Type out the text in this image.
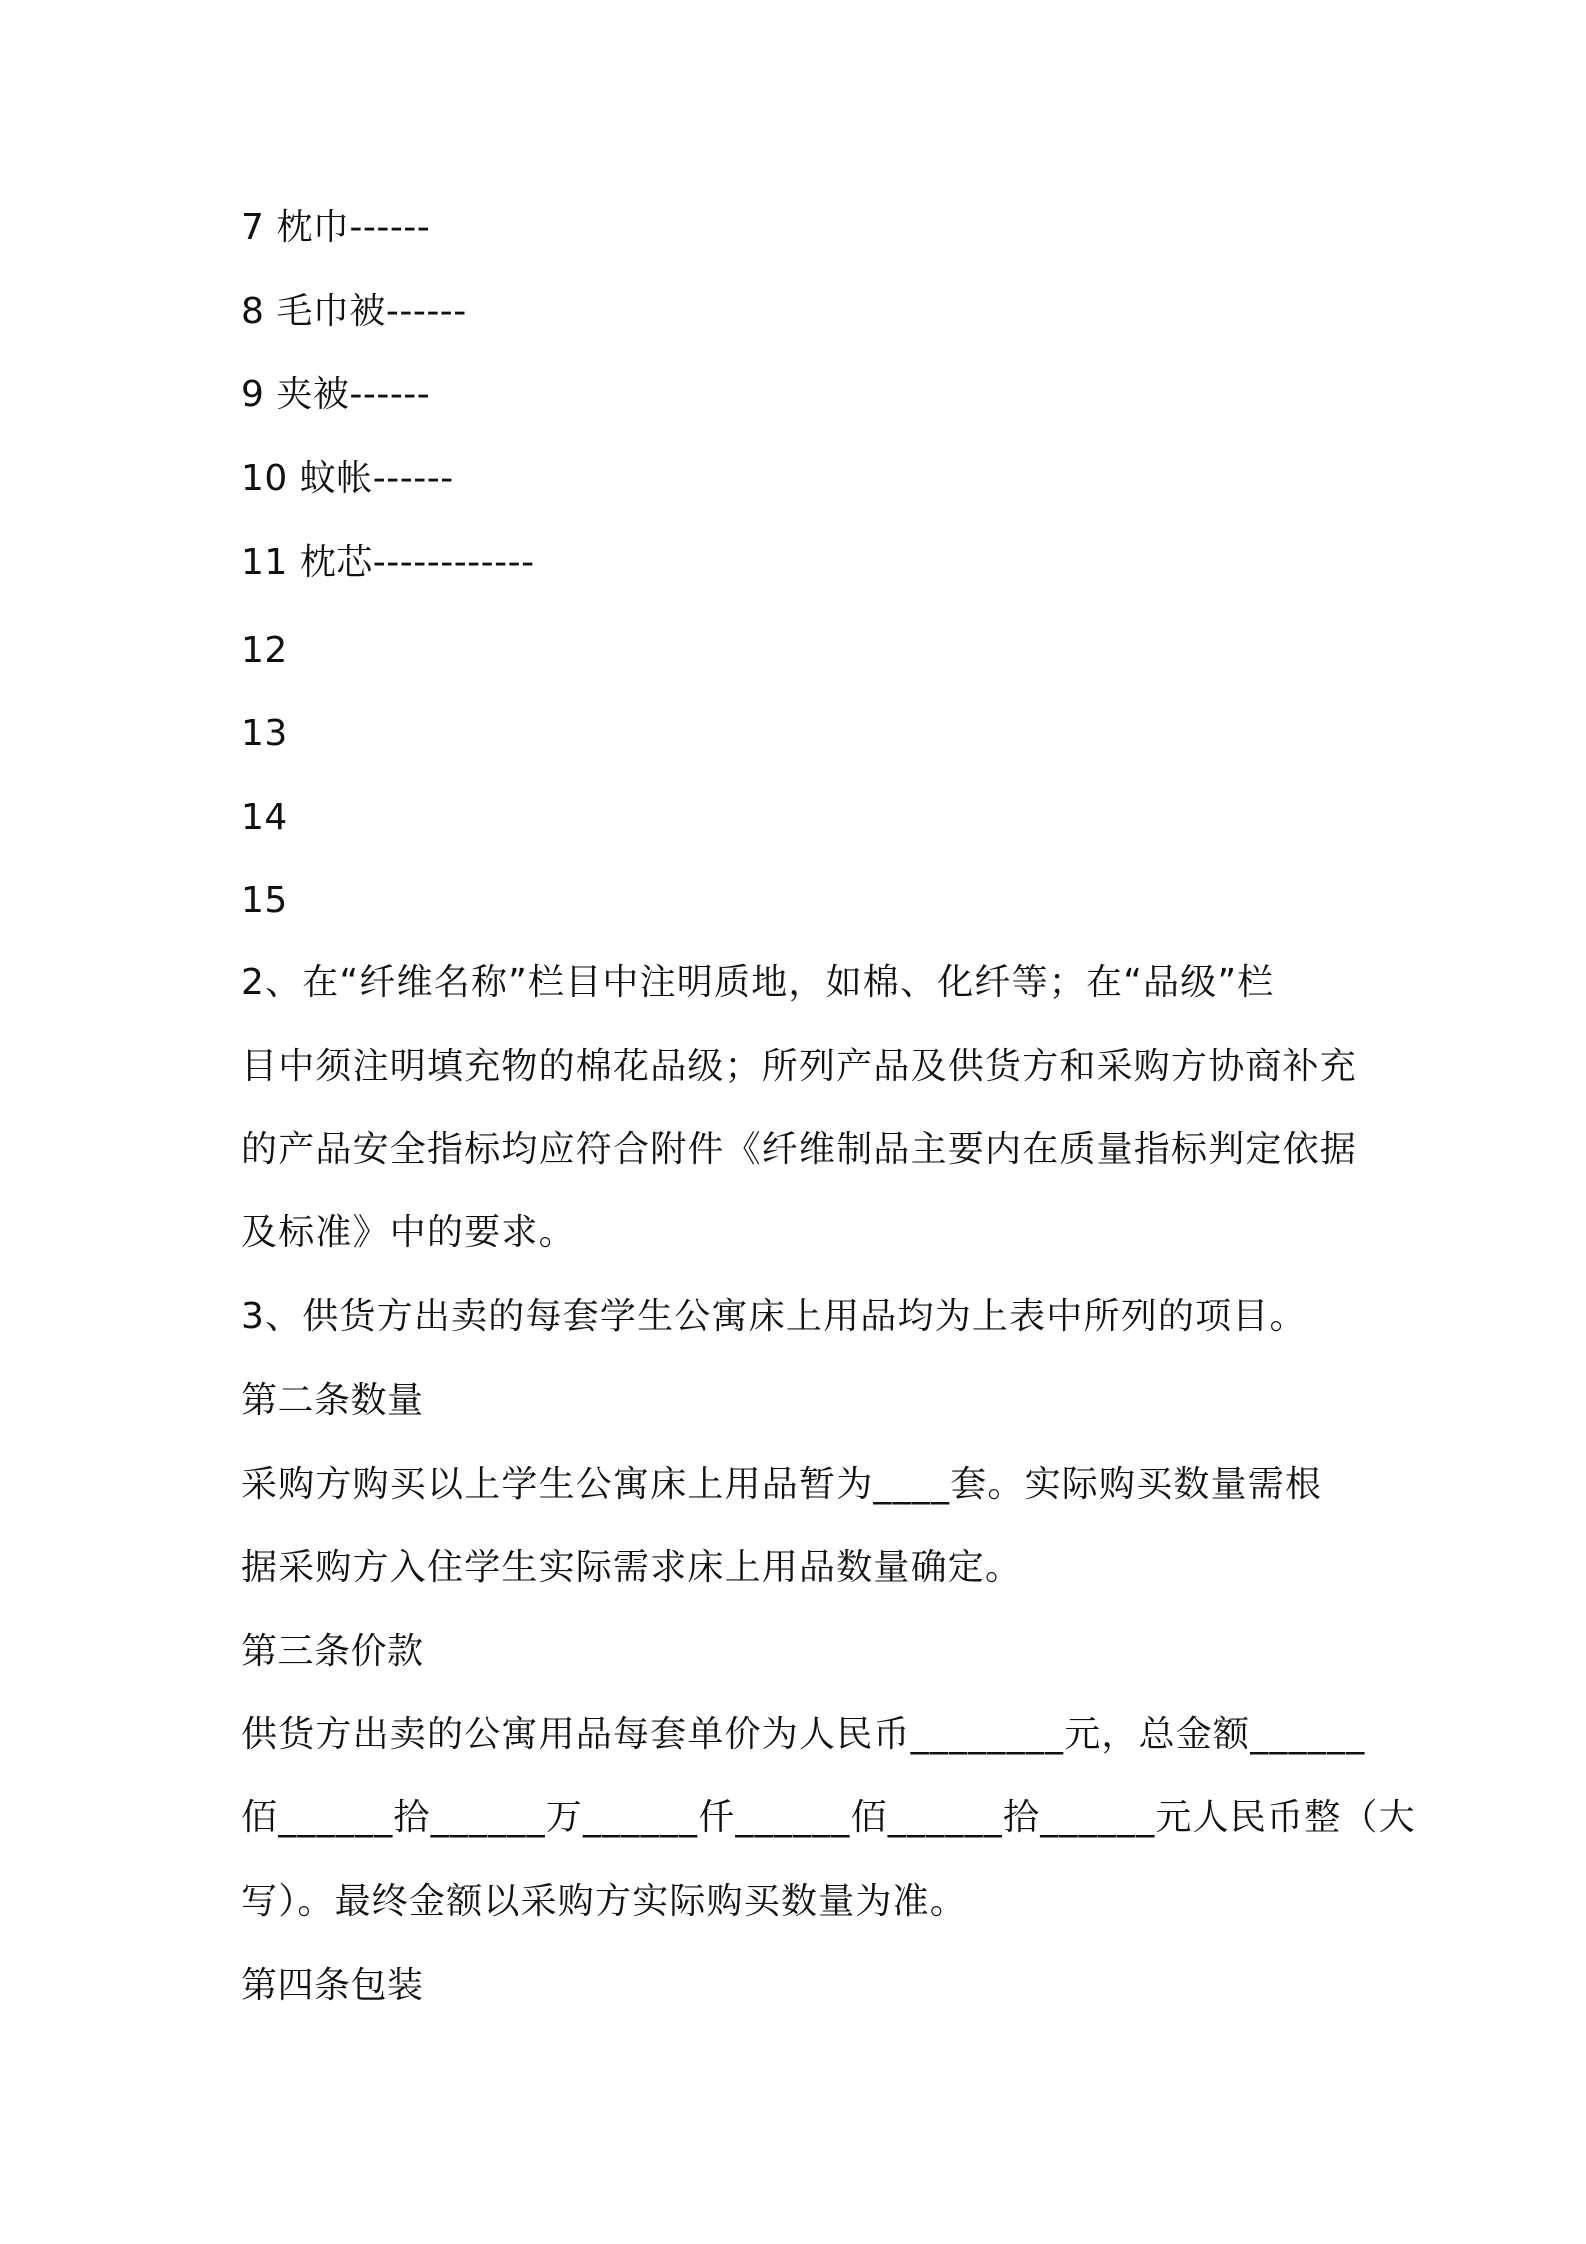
7 枕巾------
8 毛巾被------
9 夹被------
10 蚊帐------
11 枕芯------------
12
13
14
15
2、在“纤维名称”栏目中注明质地，如棉、化纤等；在“品级”栏
目中须注明填充物的棉花品级；所列产品及供货方和采购方协商补充
的产品安全指标均应符合附件《纤维制品主要内在质量指标判定依据
及标准》中的要求。
3、供货方出卖的每套学生公寓床上用品均为上表中所列的项目。
第二条数量
采购方购买以上学生公寓床上用品暂为____套。实际购买数量需根
据采购方入住学生实际需求床上用品数量确定。
第三条价款
供货方出卖的公寓用品每套单价为人民币________元，总金额______
佰______拾______万______仟______佰______拾______元人民币整（大
写）。最终金额以采购方实际购买数量为准。
第四条包装
